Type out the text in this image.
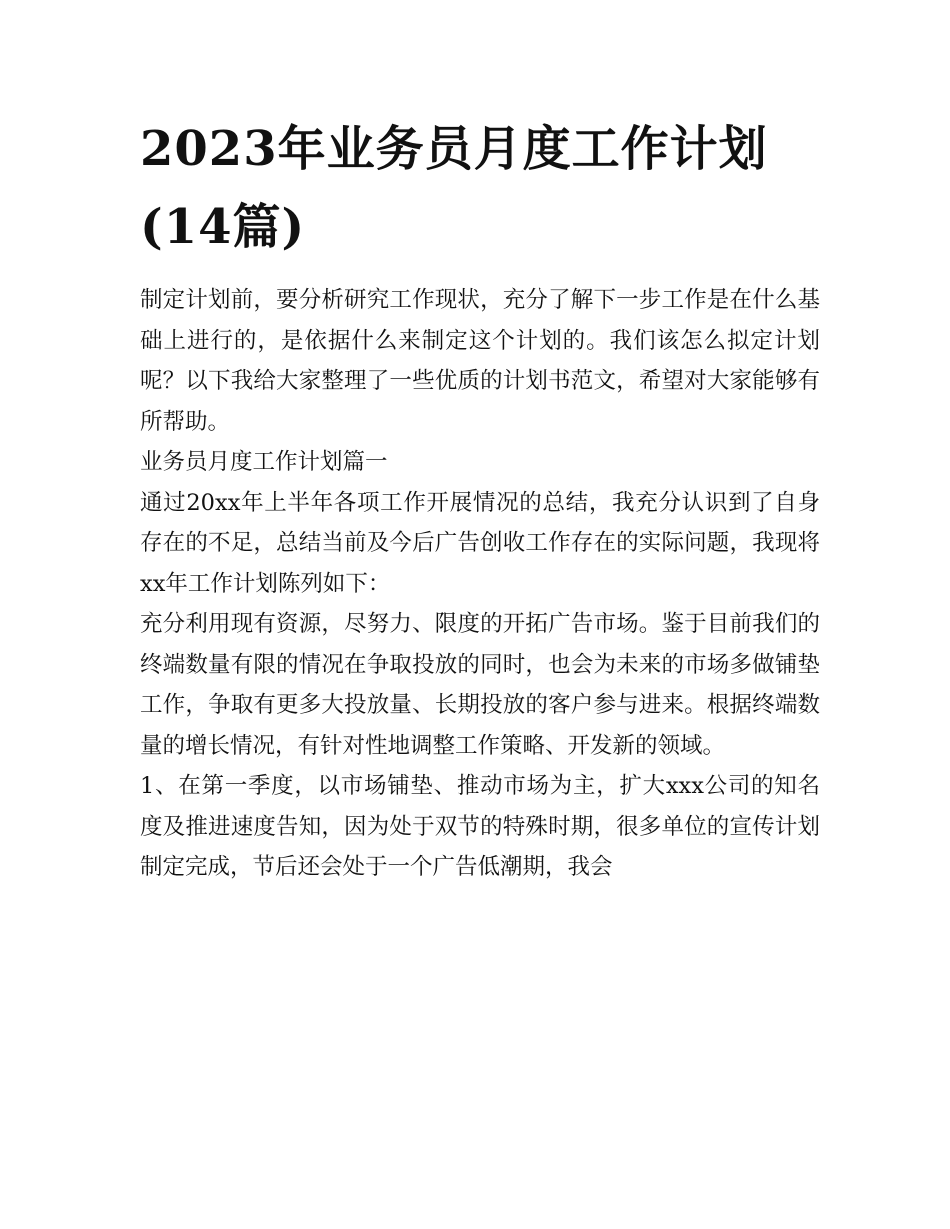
2023年业务员月度工作计划(14篇)

制定计划前，要分析研究工作现状，充分了解下一步工作是在什么基础上进行的，是依据什么来制定这个计划的。我们该怎么拟定计划呢？以下我给大家整理了一些优质的计划书范文，希望对大家能够有所帮助。

业务员月度工作计划篇一

通过20xx年上半年各项工作开展情况的总结，我充分认识到了自身存在的不足，总结当前及今后广告创收工作存在的实际问题，我现将xx年工作计划陈列如下：

充分利用现有资源，尽努力、限度的开拓广告市场。鉴于目前我们的终端数量有限的情况在争取投放的同时，也会为未来的市场多做铺垫工作，争取有更多大投放量、长期投放的客户参与进来。根据终端数量的增长情况，有针对性地调整工作策略、开发新的领域。

1、在第一季度，以市场铺垫、推动市场为主，扩大xxx公司的知名度及推进速度告知，因为处于双节的特殊时期，很多单位的宣传计划制定完成，节后还会处于一个广告低潮期，我会
